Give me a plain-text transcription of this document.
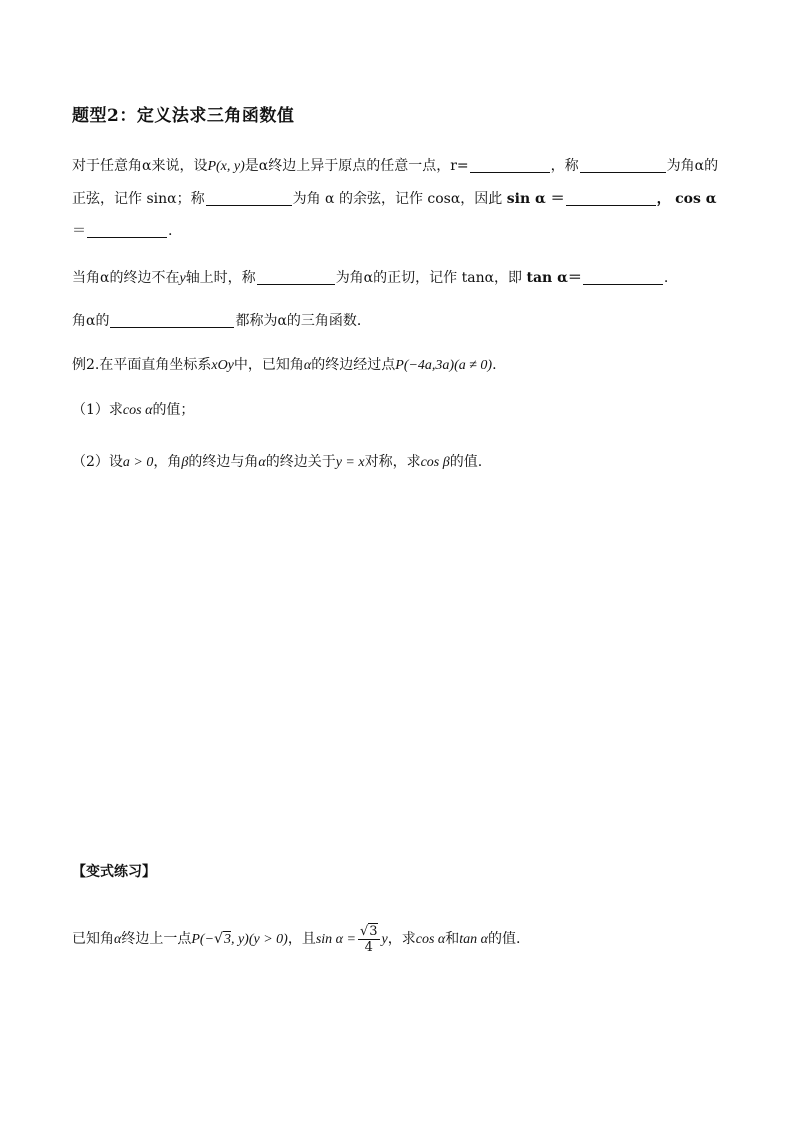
题型2：定义法求三角函数值
对于任意角α来说，设P(x, y)是α终边上异于原点的任意一点，r=	，称	为角α的
正弦，记作 sinα；称	为角 α 的余弦，记作 cosα，因此 sin α ＝	， cos α
＝	.
当角α的终边不在y轴上时，称	为角α的正切，记作 tanα，即 tan α＝	.
角α的	都称为α的三角函数．
例2.在平面直角坐标系xOy中，已知角α的终边经过点P(−4a,3a)(a ≠ 0).
（1）求cos α的值；
（2）设a > 0，角β的终边与角α的终边关于y = x对称，求cos β的值.
【变式练习】
已知角α终边上一点P(−√3, y)(y > 0)，且$\sin \alpha = \frac{√3}{4}$ y，求cos α和tan α的值.
